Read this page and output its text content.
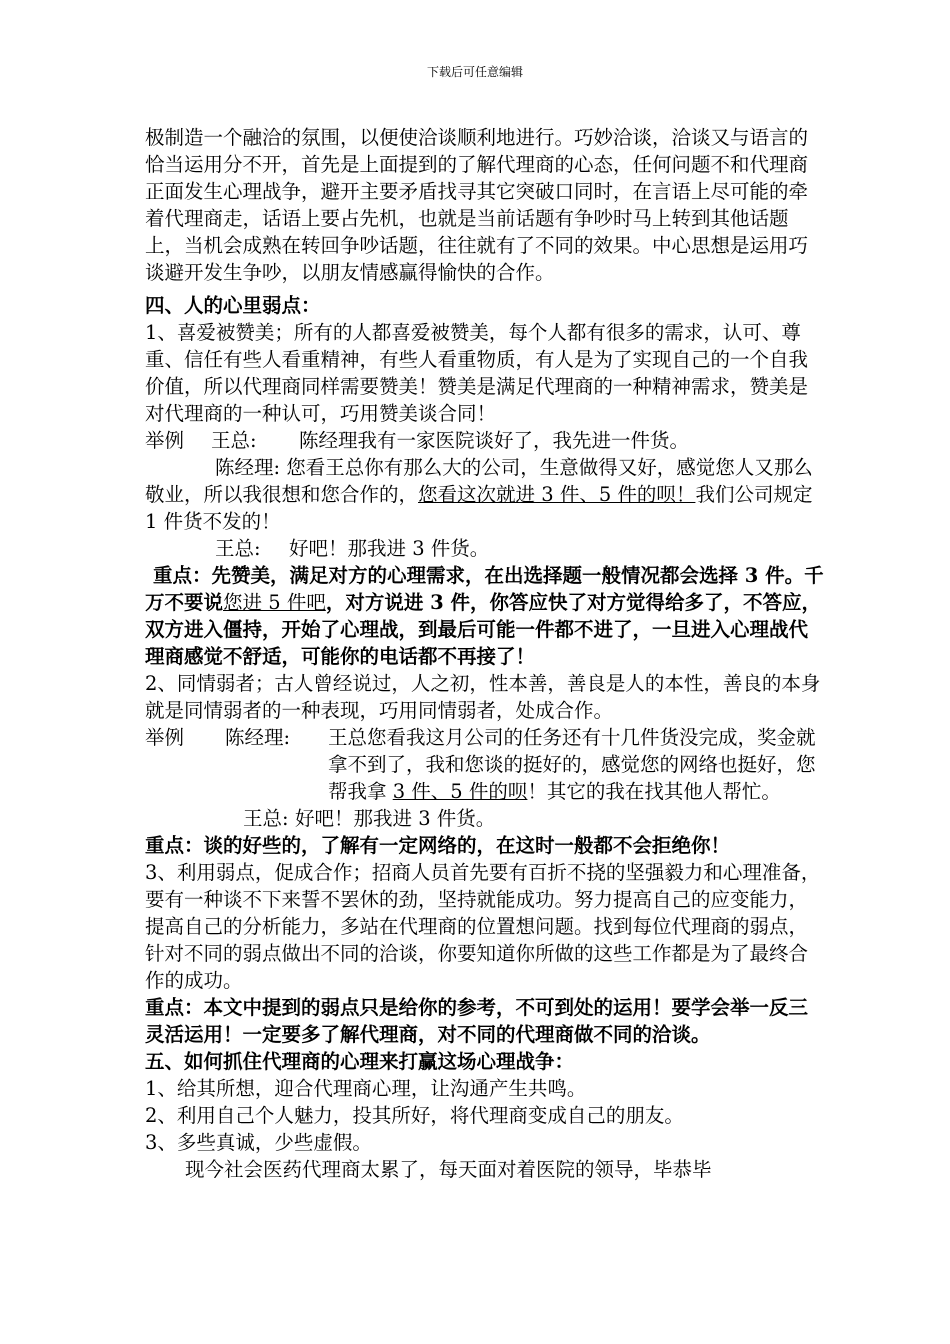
下载后可任意编辑

极制造一个融洽的氛围，以便使洽谈顺利地进行。巧妙洽谈，洽谈又与语言的恰当运用分不开，首先是上面提到的了解代理商的心态，任何问题不和代理商正面发生心理战争，避开主要矛盾找寻其它突破口同时，在言语上尽可能的牵着代理商走，话语上要占先机，也就是当前话题有争吵时马上转到其他话题上，当机会成熟在转回争吵话题，往往就有了不同的效果。中心思想是运用巧谈避开发生争吵，以朋友情感赢得愉快的合作。

四、人的心里弱点：

1、喜爱被赞美；所有的人都喜爱被赞美，每个人都有很多的需求，认可、尊重、信任有些人看重精神，有些人看重物质，有人是为了实现自己的一个自我价值，所以代理商同样需要赞美！赞美是满足代理商的一种精神需求，赞美是对代理商的一种认可，巧用赞美谈合同！

举例	王总:	陈经理我有一家医院谈好了，我先进一件货。

陈经理: 您看王总你有那么大的公司，生意做得又好，感觉您人又那么敬业，所以我很想和您合作的，您看这次就进 3 件、5 件的呗！我们公司规定 1 件货不发的！

王总: 好吧！那我进 3 件货。

重点：先赞美，满足对方的心理需求，在出选择题一般情况都会选择 3 件。千万不要说您进 5 件吧，对方说进 3 件，你答应快了对方觉得给多了，不答应，双方进入僵持，开始了心理战，到最后可能一件都不进了，一旦进入心理战代理商感觉不舒适，可能你的电话都不再接了！

2、同情弱者；古人曾经说过，人之初，性本善，善良是人的本性，善良的本身就是同情弱者的一种表现，巧用同情弱者，处成合作。

举例	陈经理:	王总您看我这月公司的任务还有十几件货没完成，奖金就拿不到了，我和您谈的挺好的，感觉您的网络也挺好，您帮我拿 3 件、5 件的呗！其它的我在找其他人帮忙。
王总: 好吧！那我进 3 件货。

重点：谈的好些的，了解有一定网络的，在这时一般都不会拒绝你！

3、利用弱点，促成合作；招商人员首先要有百折不挠的坚强毅力和心理准备，要有一种谈不下来誓不罢休的劲，坚持就能成功。努力提高自己的应变能力，提高自己的分析能力，多站在代理商的位置想问题。找到每位代理商的弱点，针对不同的弱点做出不同的洽谈，你要知道你所做的这些工作都是为了最终合作的成功。

重点：本文中提到的弱点只是给你的参考，不可到处的运用！要学会举一反三灵活运用！一定要多了解代理商，对不同的代理商做不同的洽谈。

五、如何抓住代理商的心理来打赢这场心理战争：

1、给其所想，迎合代理商心理，让沟通产生共鸣。

2、利用自己个人魅力，投其所好，将代理商变成自己的朋友。

3、多些真诚，少些虚假。

现今社会医药代理商太累了，每天面对着医院的领导，毕恭毕
